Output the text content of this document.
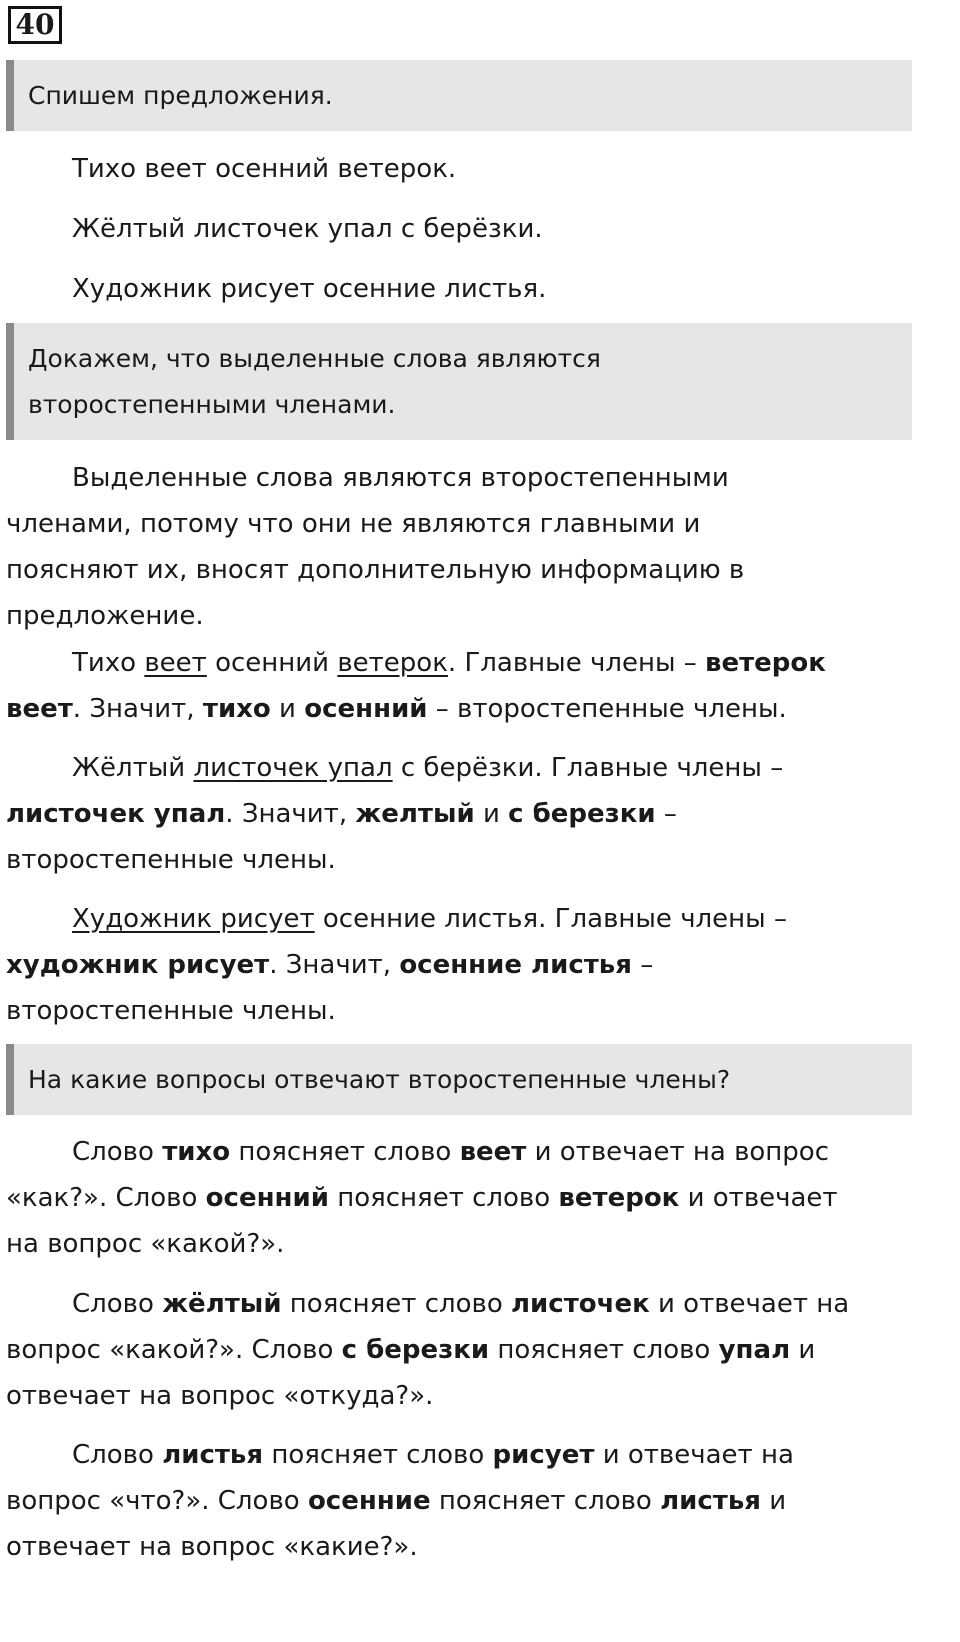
40
Спишем предложения.
Тихо веет осенний ветерок.
Жёлтый листочек упал с берёзки.
Художник рисует осенние листья.
Докажем, что выделенные слова являются
второстепенными членами.

Выделенные слова являются второстепенными членами, потому что они не являются главными и поясняют их, вносят дополнительную информацию в предложение.

Тихо веет осенний ветерок. Главные члены – ветерок веет. Значит, тихо и осенний – второстепенные члены.

Жёлтый листочек упал с берёзки. Главные члены – листочек упал. Значит, желтый и с березки – второстепенные члены.

Художник рисует осенние листья. Главные члены – художник рисует. Значит, осенние листья – второстепенные члены.

На какие вопросы отвечают второстепенные члены?

Слово тихо поясняет слово веет и отвечает на вопрос «как?». Слово осенний поясняет слово ветерок и отвечает на вопрос «какой?».

Слово жёлтый поясняет слово листочек и отвечает на вопрос «какой?». Слово с березки поясняет слово упал и отвечает на вопрос «откуда?».

Слово листья поясняет слово рисует и отвечает на вопрос «что?». Слово осенние поясняет слово листья и отвечает на вопрос «какие?».
